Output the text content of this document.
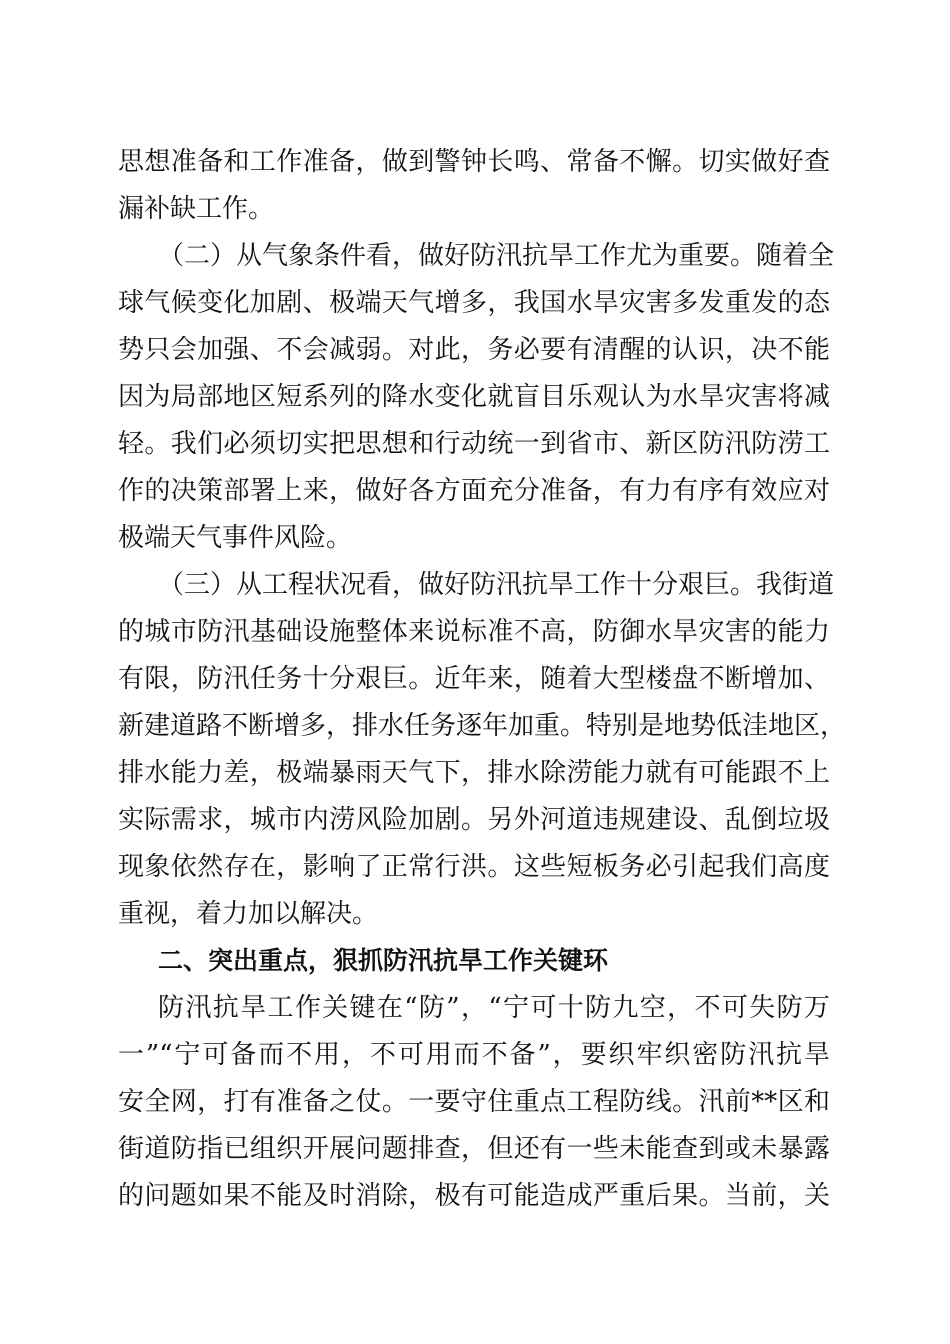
思想准备和工作准备，做到警钟长鸣、常备不懈。切实做好查
漏补缺工作。
（二）从气象条件看，做好防汛抗旱工作尤为重要。随着全
球气候变化加剧、极端天气增多，我国水旱灾害多发重发的态
势只会加强、不会减弱。对此，务必要有清醒的认识，决不能
因为局部地区短系列的降水变化就盲目乐观认为水旱灾害将减
轻。我们必须切实把思想和行动统一到省市、新区防汛防涝工
作的决策部署上来，做好各方面充分准备，有力有序有效应对
极端天气事件风险。
（三）从工程状况看，做好防汛抗旱工作十分艰巨。我街道
的城市防汛基础设施整体来说标准不高，防御水旱灾害的能力
有限，防汛任务十分艰巨。近年来，随着大型楼盘不断增加、
新建道路不断增多，排水任务逐年加重。特别是地势低洼地区，
排水能力差，极端暴雨天气下，排水除涝能力就有可能跟不上
实际需求，城市内涝风险加剧。另外河道违规建设、乱倒垃圾
现象依然存在，影响了正常行洪。这些短板务必引起我们高度
重视，着力加以解决。
二、突出重点，狠抓防汛抗旱工作关键环
防汛抗旱工作关键在“防”，“宁可十防九空，不可失防万
一”“宁可备而不用，不可用而不备”，要织牢织密防汛抗旱
安全网，打有准备之仗。一要守住重点工程防线。汛前**区和
街道防指已组织开展问题排查，但还有一些未能查到或未暴露
的问题如果不能及时消除，极有可能造成严重后果。当前，关
